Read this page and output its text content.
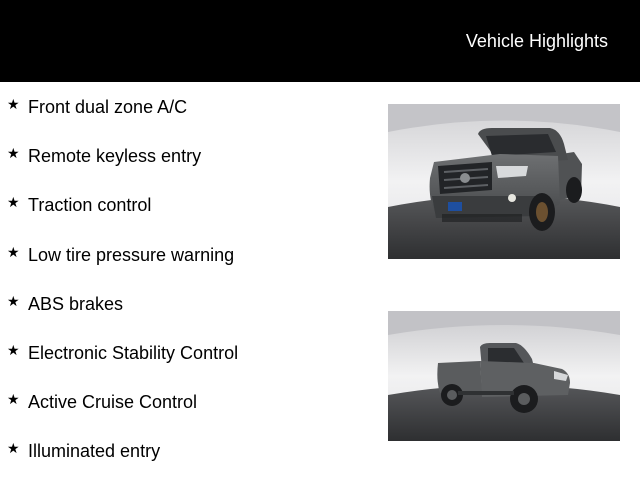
Vehicle Highlights
★ Front dual zone A/C
★ Remote keyless entry
★ Traction control
★ Low tire pressure warning
★ ABS brakes
★ Electronic Stability Control
★ Active Cruise Control
★ Illuminated entry
